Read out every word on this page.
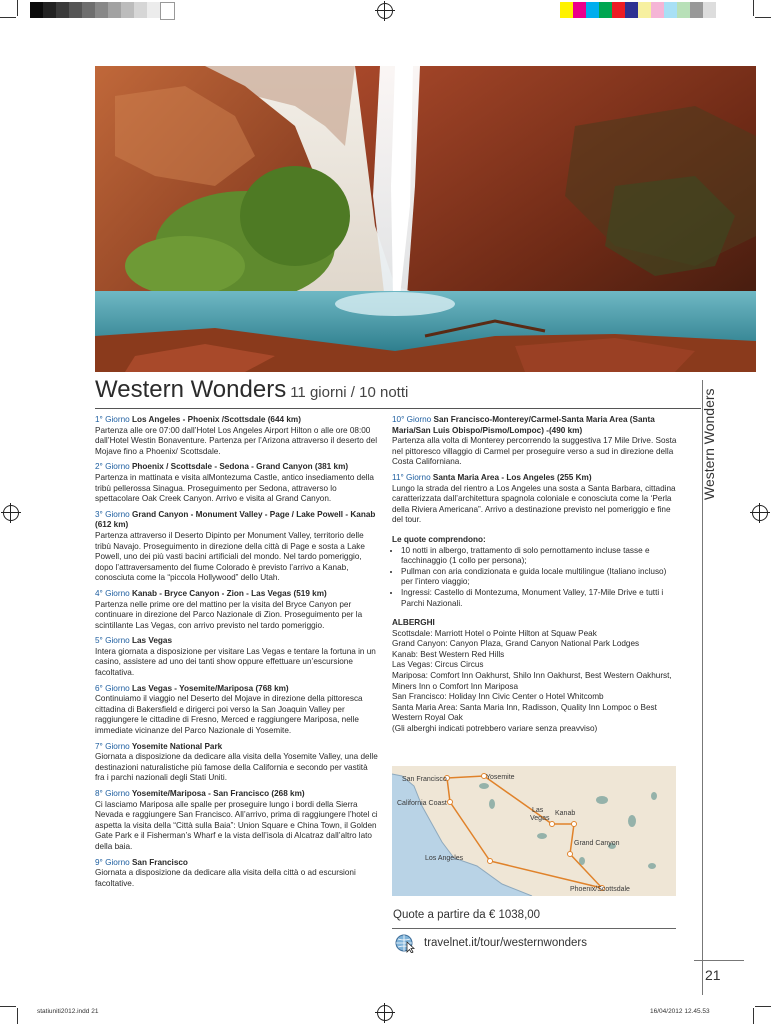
Western Wonders 11 giorni / 10 notti	Western Wonders

1° Giorno Los Angeles - Phoenix /Scottsdale (644 km)
Partenza alle ore 07:00 dall’Hotel Los Angeles Airport Hilton o alle ore 08:00 dall’Hotel Westin Bonaventure. Partenza per l’Arizona attraverso il deserto del Mojave fino a Phoenix/ Scottsdale.

2° Giorno Phoenix / Scottsdale - Sedona - Grand Canyon (381 km)
Partenza in mattinata e visita alMontezuma Castle, antico insediamento della tribù pellerossa Sinagua. Proseguimento per Sedona, attraverso lo spettacolare Oak Creek Canyon. Arrivo e visita al Grand Canyon.

3° Giorno Grand Canyon - Monument Valley - Page / Lake Powell - Kanab (612 km)
Partenza attraverso il Deserto Dipinto per Monument Valley, territorio delle tribù Navajo. Proseguimento in direzione della città di Page e sosta a Lake Powell, uno dei più vasti bacini artificiali del mondo. Nel tardo pomeriggio, dopo l’attraversamento del fiume Colorado è previsto l’arrivo a Kanab, conosciuta come la “piccola Hollywood” dello Utah.

4° Giorno Kanab - Bryce Canyon - Zion - Las Vegas (519 km)
Partenza nelle prime ore del mattino per la visita del Bryce Canyon per continuare in direzione del Parco Nazionale di Zion. Proseguimento per la scintillante Las Vegas, con arrivo previsto nel tardo pomeriggio.

5° Giorno Las Vegas
Intera giornata a disposizione per visitare Las Vegas e tentare la fortuna in un casino, assistere ad uno dei tanti show oppure effettuare un’escursione facoltativa.

6° Giorno Las Vegas - Yosemite/Mariposa (768 km)
Continuiamo il viaggio nel Deserto del Mojave in direzione della pittoresca cittadina di Bakersfield e dirigerci poi verso la San Joaquin Valley per raggiungere le cittadine di Fresno, Merced e raggiungere Mariposa, nelle immediate vicinanze del Parco Nazionale di Yosemite.

7° Giorno Yosemite National Park
Giornata a disposizione da dedicare alla visita della Yosemite Valley, una delle destinazioni naturalistiche più famose della California e secondo per vastità fra i parchi nazionali degli Stati Uniti.

8° Giorno Yosemite/Mariposa - San Francisco (268 km)
Ci lasciamo Mariposa alle spalle per proseguire lungo i bordi della Sierra Nevada e raggiungere San Francisco. All’arrivo, prima di raggiungere l’hotel ci aspetta la visita della “Città sulla Baia”: Union Square e China Town, il Golden Gate Park e il Fisherman’s Wharf e la vista dell’isola di Alcatraz dall’altro lato della baia.

9° Giorno San Francisco
Giornata a disposizione da dedicare alla visita della città o ad escursioni facoltative.

10° Giorno San Francisco-Monterey/Carmel-Santa Maria Area (Santa Maria/San Luis Obispo/Pismo/Lompoc) -(490 km)
Partenza alla volta di Monterey percorrendo la suggestiva 17 Mile Drive. Sosta nel pittoresco villaggio di Carmel per proseguire verso a sud in direzione della Costa Californiana.

11° Giorno Santa Maria Area - Los Angeles (255 Km)
Lungo la strada del rientro a Los Angeles una sosta a Santa Barbara, cittadina caratterizzata dall’architettura spagnola coloniale e conosciuta come la ‘Perla della Riviera Americana”. Arrivo a destinazione previsto nel pomeriggio e fine del tour.

Le quote comprendono:
• 10 notti in albergo, trattamento di solo pernottamento incluse tasse e facchinaggio (1 collo per persona);
• Pullman con aria condizionata e guida locale multilingue (Italiano incluso) per l’intero viaggio;
• Ingressi: Castello di Montezuma, Monument Valley, 17-Mile Drive e tutti i Parchi Nazionali.
ALBERGHI
Scottsdale: Marriott Hotel o Pointe Hilton at Squaw Peak
Grand Canyon: Canyon Plaza, Grand Canyon National Park Lodges
Kanab: Best Western Red Hills
Las Vegas: Circus Circus
Mariposa: Comfort Inn Oakhurst, Shilo Inn Oakhurst, Best Western Oakhurst, Miners Inn o Comfort Inn Mariposa
San Francisco: Holiday Inn Civic Center o Hotel Whitcomb
Santa Maria Area: Santa Maria Inn, Radisson, Quality Inn Lompoc o Best Western Royal Oak
(Gli alberghi indicati potrebbero variare senza preavviso)
San Francisco	Yosemite
California Coast
Las
Vegas
Kanab
Grand Canyon
Los Angeles
Phoenix/Scottsdale
Quote a partire da € 1038,00
travelnet.it/tour/westernwonders
21
statiuniti2012.indd 21	16/04/2012 12.45.53
